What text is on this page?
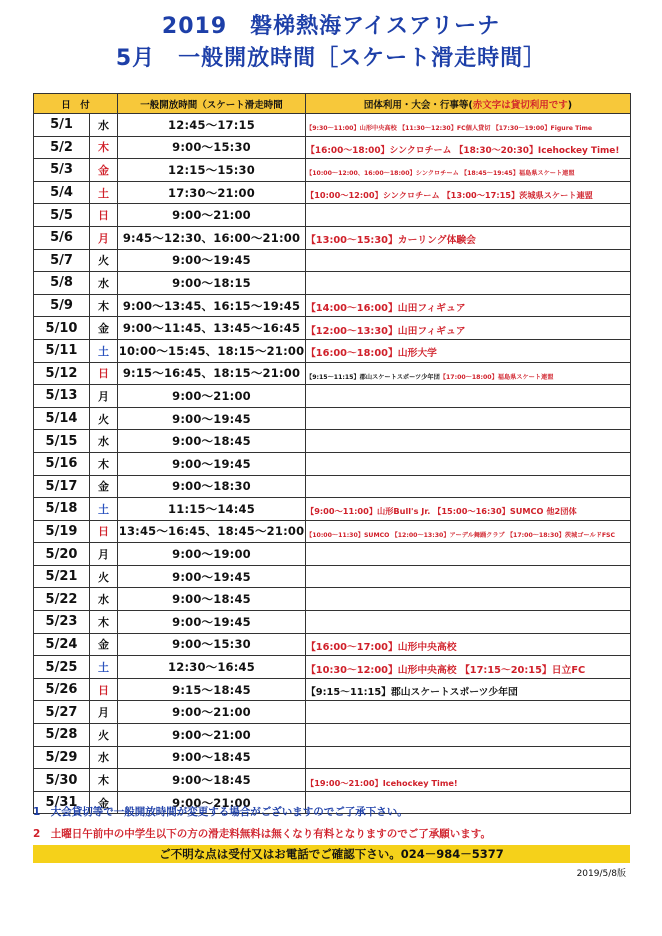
2019　磐梯熱海アイスアリーナ
5月　一般開放時間［スケート滑走時間］
日　付		一般開放時間（スケート滑走時間	団体利用・大会・行事等(赤文字は貸切利用です)
5/1	水	12:45～17:15	【9:30～11:00】山形中央高校 【11:30～12:30】FC個人貸切 【17:30～19:00】Figure Time
5/2	木	9:00～15:30	【16:00～18:00】シンクロチーム 【18:30～20:30】Icehockey Time!
5/3	金	12:15～15:30	【10:00～12:00、16:00～18:00】シンクロチーム 【18:45～19:45】福島県スケート連盟
5/4	土	17:30～21:00	【10:00～12:00】シンクロチーム 【13:00～17:15】茨城県スケート連盟
5/5	日	9:00～21:00	
5/6	月	9:45～12:30、16:00～21:00	【13:00～15:30】カーリング体験会
5/7	火	9:00～19:45	
5/8	水	9:00～18:15	
5/9	木	9:00～13:45、16:15～19:45	【14:00～16:00】山田フィギュア
5/10	金	9:00～11:45、13:45～16:45	【12:00～13:30】山田フィギュア
5/11	土	10:00～15:45、18:15～21:00	【16:00～18:00】山形大学
5/12	日	9:15～16:45、18:15～21:00	【9:15～11:15】郡山スケートスポーツ少年団【17:00～18:00】福島県スケート連盟
5/13	月	9:00～21:00	
5/14	火	9:00～19:45	
5/15	水	9:00～18:45	
5/16	木	9:00～19:45	
5/17	金	9:00～18:30	
5/18	土	11:15～14:45	【9:00～11:00】山形Bull's Jr. 【15:00～16:30】SUMCO 他2団体
5/19	日	13:45～16:45、18:45～21:00	【10:00～11:30】SUMCO 【12:00～13:30】アーデル舞踊クラブ 【17:00～18:30】茨城ゴールドFSC
5/20	月	9:00～19:00	
5/21	火	9:00～19:45	
5/22	水	9:00～18:45	
5/23	木	9:00～19:45	
5/24	金	9:00～15:30	【16:00～17:00】山形中央高校
5/25	土	12:30～16:45	【10:30～12:00】山形中央高校 【17:15～20:15】日立FC
5/26	日	9:15～18:45	【9:15～11:15】郡山スケートスポーツ少年団
5/27	月	9:00～21:00	
5/28	火	9:00～21:00	
5/29	水	9:00～18:45	
5/30	木	9:00～18:45	【19:00～21:00】Icehockey Time!
5/31	金	9:00～21:00	
1　大会貸切等で一般開放時間が変更する場合がございますのでご了承下さい。
2　土曜日午前中の中学生以下の方の滑走料無料は無くなり有料となりますのでご了承願います。
ご不明な点は受付又はお電話でご確認下さい。024－984－5377
2019/5/8版
